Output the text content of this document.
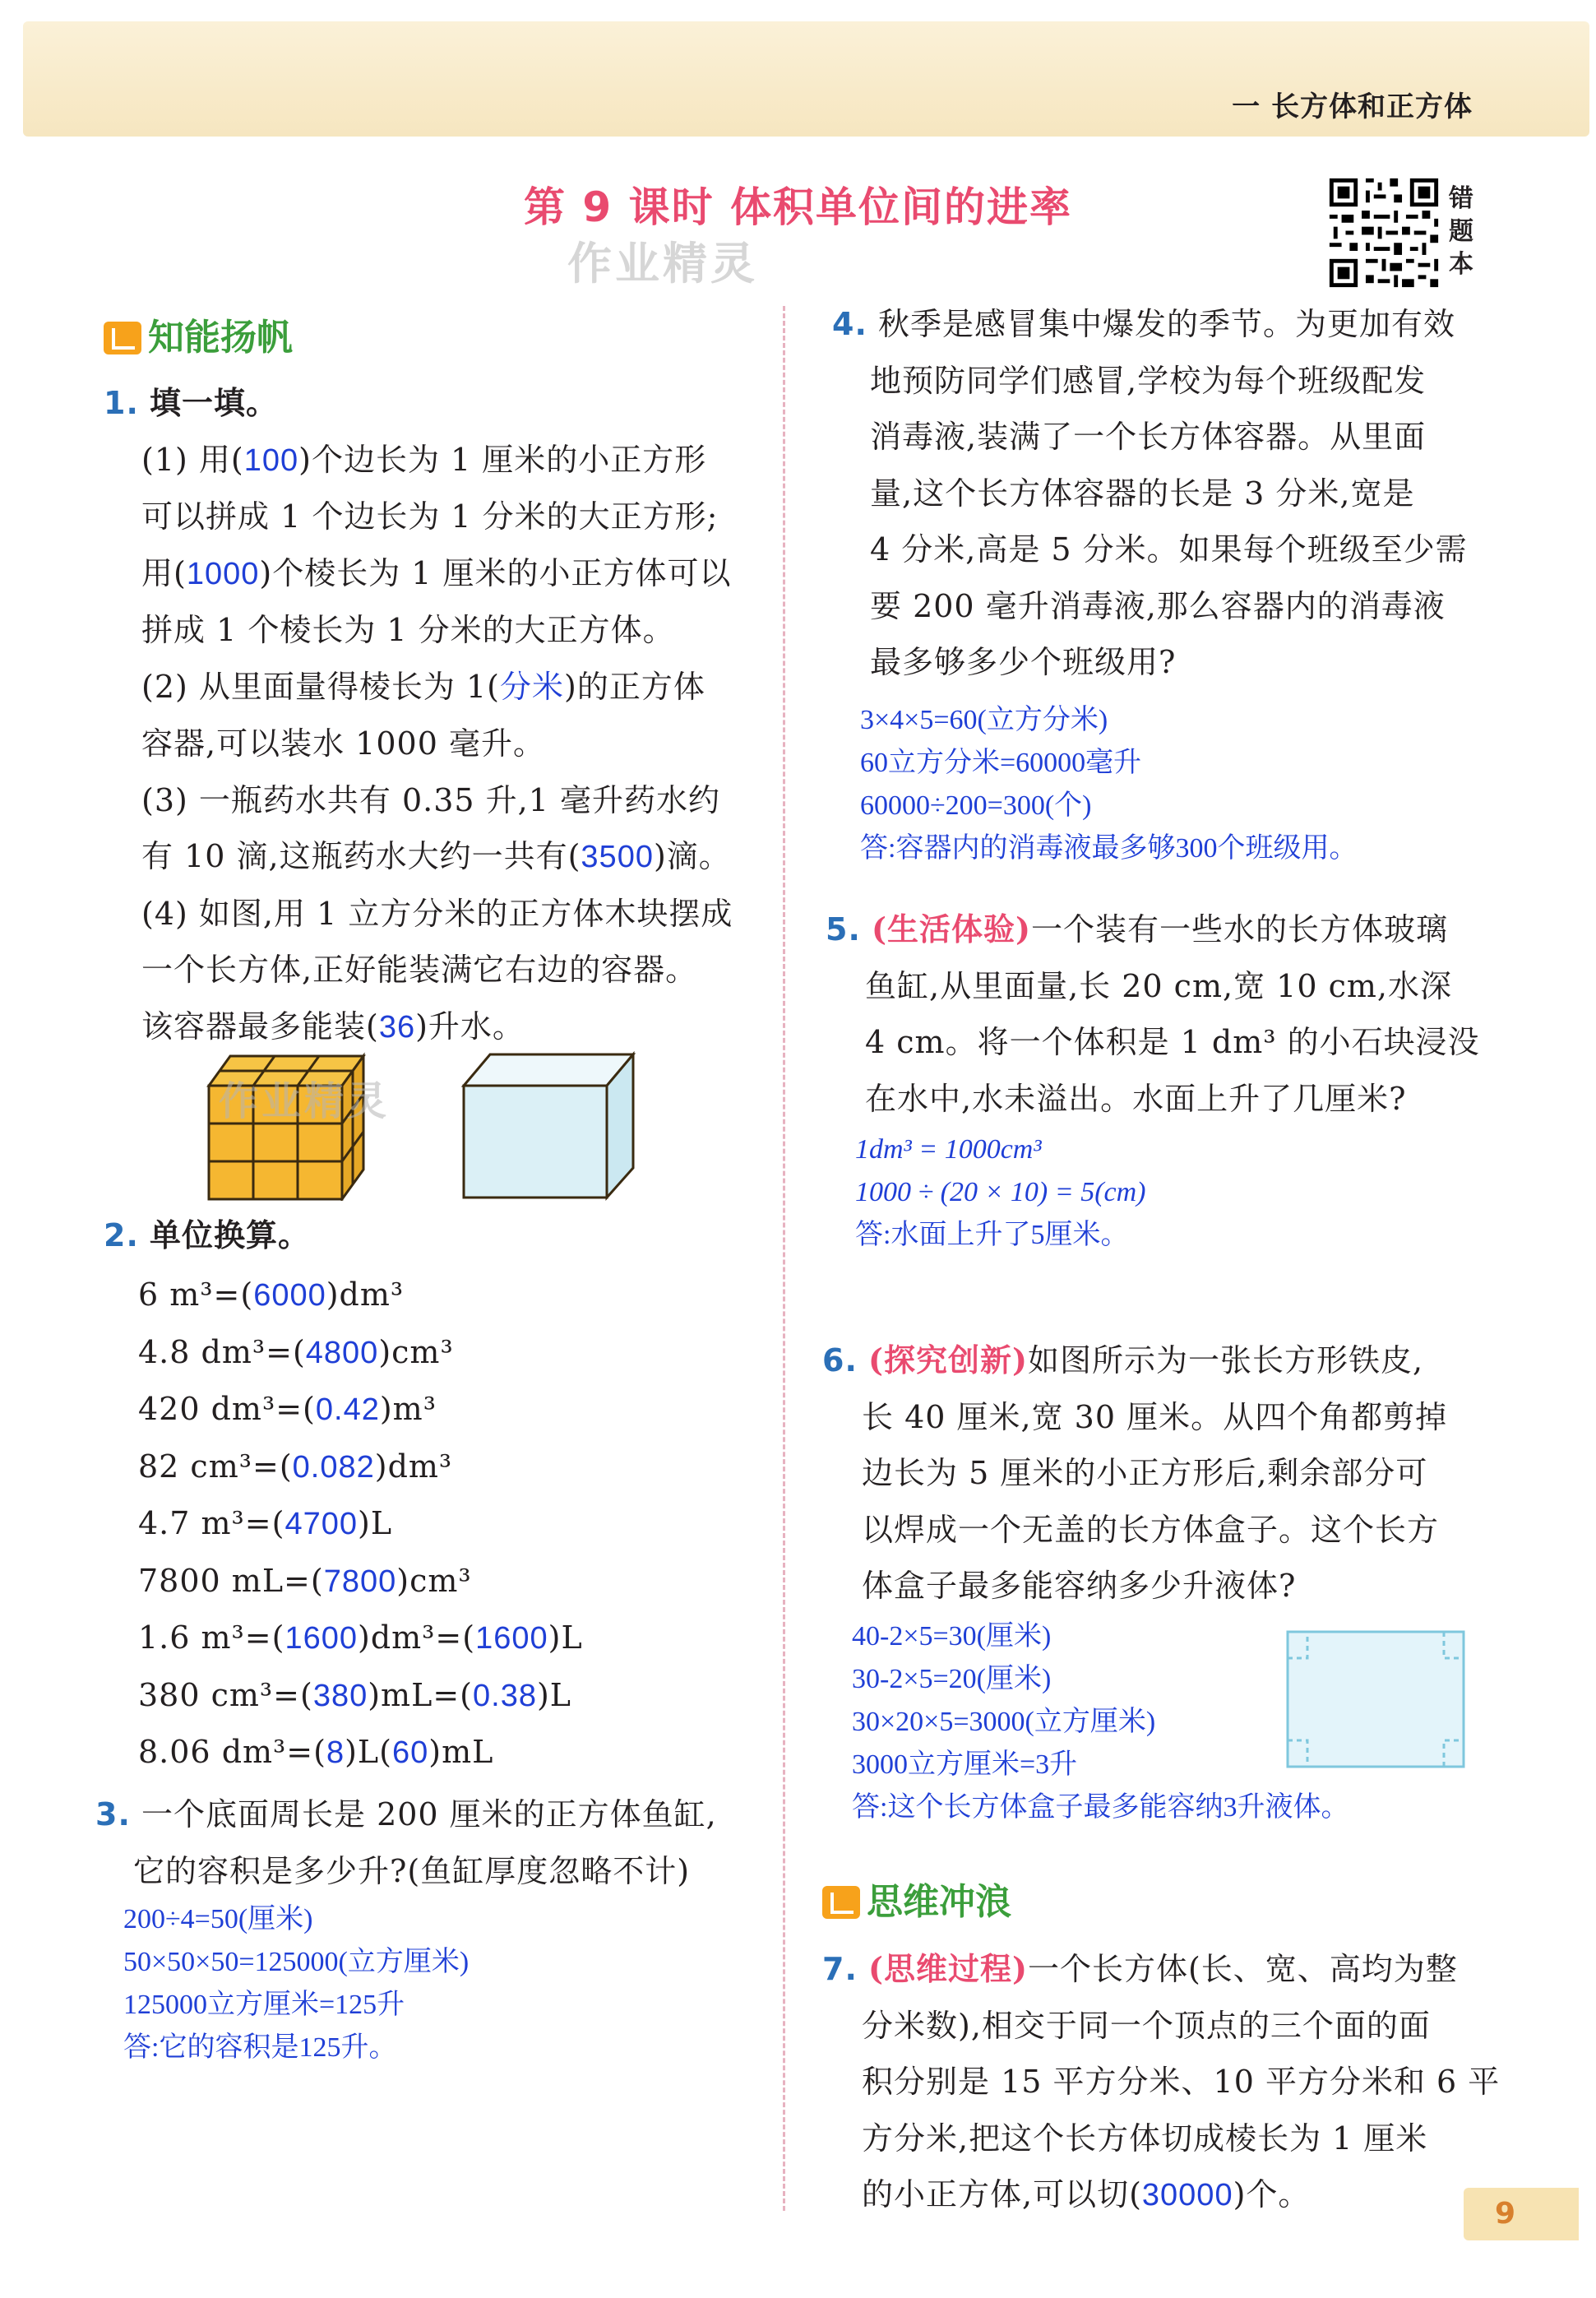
一 长方体和正方体
第 9 课时 体积单位间的进率
作业精灵
错
题
本
知能扬帆
1. 填一填。
(1) 用(100)个边长为 1 厘米的小正方形
可以拼成 1 个边长为 1 分米的大正方形;
用(1000)个棱长为 1 厘米的小正方体可以
拼成 1 个棱长为 1 分米的大正方体。
(2) 从里面量得棱长为 1(分米)的正方体
容器,可以装水 1000 毫升。
(3) 一瓶药水共有 0.35 升,1 毫升药水约
有 10 滴,这瓶药水大约一共有(3500)滴。
(4) 如图,用 1 立方分米的正方体木块摆成
一个长方体,正好能装满它右边的容器。
该容器最多能装(36)升水。
作业精灵
2. 单位换算。
6 m³=(6000)dm³
4.8 dm³=(4800)cm³
420 dm³=(0.42)m³
82 cm³=(0.082)dm³
4.7 m³=(4700)L
7800 mL=(7800)cm³
1.6 m³=(1600)dm³=(1600)L
380 cm³=(380)mL=(0.38)L
8.06 dm³=(8)L(60)mL
3. 一个底面周长是 200 厘米的正方体鱼缸,
它的容积是多少升?(鱼缸厚度忽略不计)
200÷4=50(厘米)
50×50×50=125000(立方厘米)
125000立方厘米=125升
答:它的容积是125升。
4. 秋季是感冒集中爆发的季节。为更加有效
地预防同学们感冒,学校为每个班级配发
消毒液,装满了一个长方体容器。从里面
量,这个长方体容器的长是 3 分米,宽是
4 分米,高是 5 分米。如果每个班级至少需
要 200 毫升消毒液,那么容器内的消毒液
最多够多少个班级用?
3×4×5=60(立方分米)
60立方分米=60000毫升
60000÷200=300(个)
答:容器内的消毒液最多够300个班级用。
5. (生活体验)一个装有一些水的长方体玻璃
鱼缸,从里面量,长 20 cm,宽 10 cm,水深
4 cm。将一个体积是 1 dm³ 的小石块浸没
在水中,水未溢出。水面上升了几厘米?
1dm³ = 1000cm³
1000 ÷ (20 × 10) = 5(cm)
答:水面上升了5厘米。
6. (探究创新)如图所示为一张长方形铁皮,
长 40 厘米,宽 30 厘米。从四个角都剪掉
边长为 5 厘米的小正方形后,剩余部分可
以焊成一个无盖的长方体盒子。这个长方
体盒子最多能容纳多少升液体?
40-2×5=30(厘米)
30-2×5=20(厘米)
30×20×5=3000(立方厘米)
3000立方厘米=3升
答:这个长方体盒子最多能容纳3升液体。
思维冲浪
7. (思维过程)一个长方体(长、宽、高均为整
分米数),相交于同一个顶点的三个面的面
积分别是 15 平方分米、10 平方分米和 6 平
方分米,把这个长方体切成棱长为 1 厘米
的小正方体,可以切(30000)个。
9
